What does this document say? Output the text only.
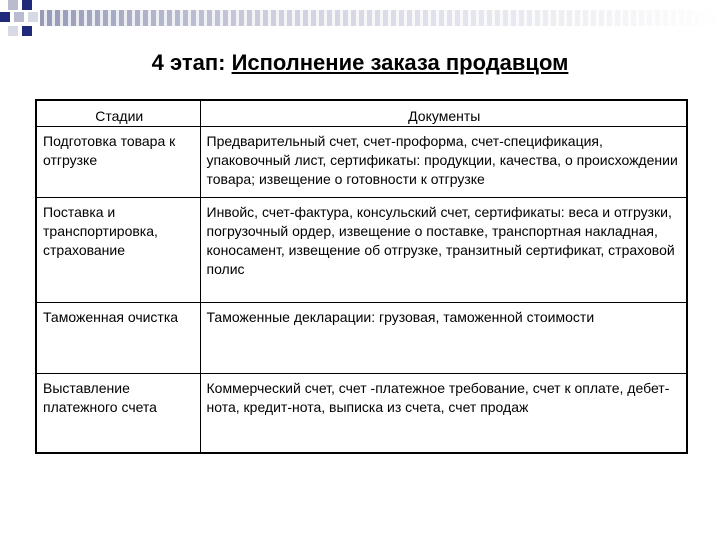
4 этап: Исполнение заказа продавцом
Стадии	Документы
Подготовка товара к отгрузке	Предварительный счет, счет-проформа, счет-спецификация, упаковочный лист, сертификаты: продукции, качества, о происхождении товара; извещение о готовности к отгрузке
Поставка и транспортировка, страхование	Инвойс, счет-фактура, консульский счет, сертификаты: веса и отгрузки, погрузочный ордер, извещение о поставке, транспортная накладная, коносамент, извещение об отгрузке, транзитный сертификат, страховой полис
Таможенная очистка	Таможенные декларации: грузовая, таможенной стоимости
Выставление платежного счета	Коммерческий счет, счет -платежное требование, счет к оплате, дебет-нота, кредит-нота, выписка из счета, счет продаж
